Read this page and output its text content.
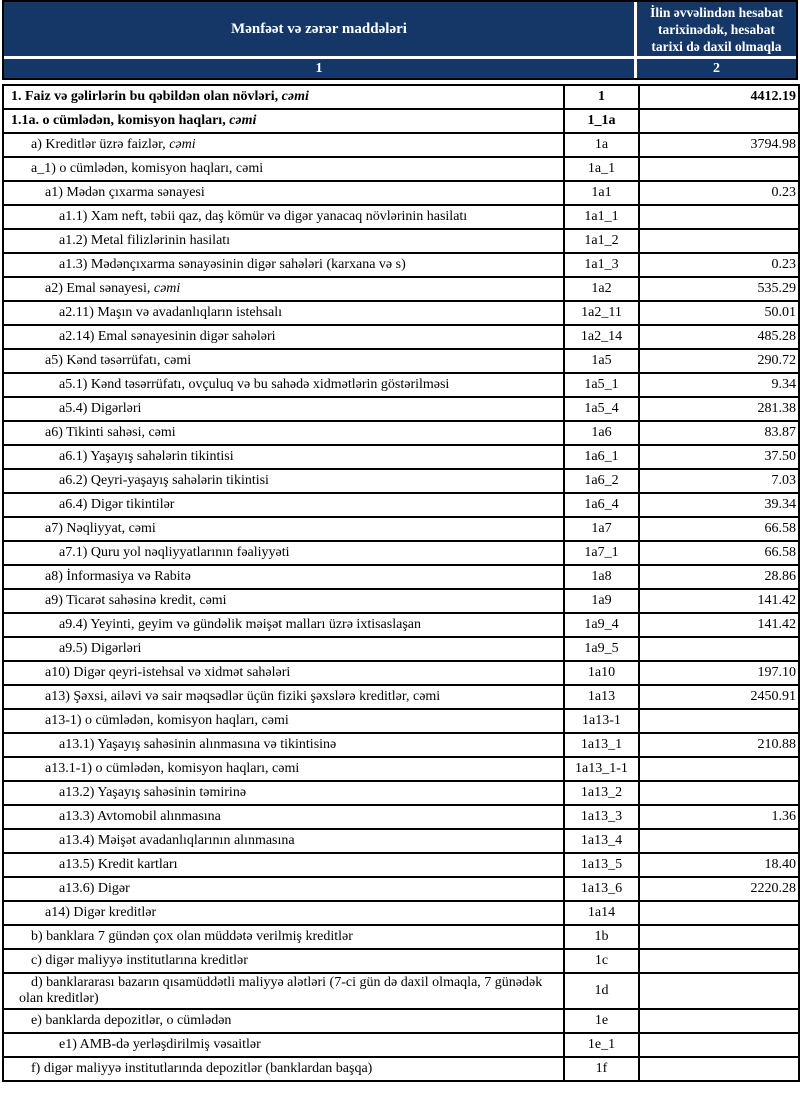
Mənfəət və zərər maddələri
İlin əvvəlindən hesabat tarixinədək, hesabat tarixi də daxil olmaqla
1	2
1. Faiz və gəlirlərin bu qəbildən olan növləri, cəmi	1	4412.19
1.1a. o cümlədən, komisyon haqları, cəmi	1_1a	
a) Kreditlər üzrə faizlər, cəmi	1a	3794.98
a_1) o cümlədən, komisyon haqları, cəmi	1a_1	
a1) Mədən çıxarma sənayesi	1a1	0.23
a1.1) Xam neft, təbii qaz, daş kömür və digər yanacaq növlərinin hasilatı	1a1_1	
a1.2) Metal filizlərinin hasilatı	1a1_2	
a1.3) Mədənçıxarma sənayəsinin digər sahələri (karxana və s)	1a1_3	0.23
a2) Emal sənayesi, cəmi	1a2	535.29
a2.11) Maşın və avadanlıqların istehsalı	1a2_11	50.01
a2.14) Emal sənayesinin digər sahələri	1a2_14	485.28
a5) Kənd təsərrüfatı, cəmi	1a5	290.72
a5.1) Kənd təsərrüfatı, ovçuluq və bu sahədə xidmətlərin göstərilməsi	1a5_1	9.34
a5.4) Digərləri	1a5_4	281.38
a6) Tikinti sahəsi, cəmi	1a6	83.87
a6.1) Yaşayış sahələrin tikintisi	1a6_1	37.50
a6.2) Qeyri-yaşayış sahələrin tikintisi	1a6_2	7.03
a6.4) Digər tikintilər	1a6_4	39.34
a7) Nəqliyyat, cəmi	1a7	66.58
a7.1) Quru yol nəqliyyatlarının fəaliyyəti	1a7_1	66.58
a8) İnformasiya və Rabitə	1a8	28.86
a9) Ticarət sahəsinə kredit, cəmi	1a9	141.42
a9.4) Yeyinti, geyim və gündəlik məişət malları üzrə ixtisaslaşan	1a9_4	141.42
a9.5) Digərləri	1a9_5	
a10) Digər qeyri-istehsal və xidmət sahələri	1a10	197.10
a13) Şəxsi, ailəvi və sair məqsədlər üçün fiziki şəxslərə kreditlər, cəmi	1a13	2450.91
a13-1) o cümlədən, komisyon haqları, cəmi	1a13-1	
a13.1) Yaşayış sahəsinin alınmasına və tikintisinə	1a13_1	210.88
a13.1-1) o cümlədən, komisyon haqları, cəmi	1a13_1-1	
a13.2) Yaşayış sahəsinin təmirinə	1a13_2	
a13.3) Avtomobil alınmasına	1a13_3	1.36
a13.4) Məişət avadanlıqlarının alınmasına	1a13_4	
a13.5) Kredit kartları	1a13_5	18.40
a13.6) Digər	1a13_6	2220.28
a14) Digər kreditlər	1a14	
b) banklara 7 gündən çox olan müddətə verilmiş kreditlər	1b	
c) digər maliyyə institutlarına kreditlər	1c	
d) banklararası bazarın qısamüddətli maliyyə alətləri (7-ci gün də daxil olmaqla, 7 günədək olan kreditlər)	1d	
e) banklarda depozitlər, o cümlədən	1e	
e1) AMB-də yerləşdirilmiş vəsaitlər	1e_1	
f) digər maliyyə institutlarında depozitlər (banklardan başqa)	1f	
